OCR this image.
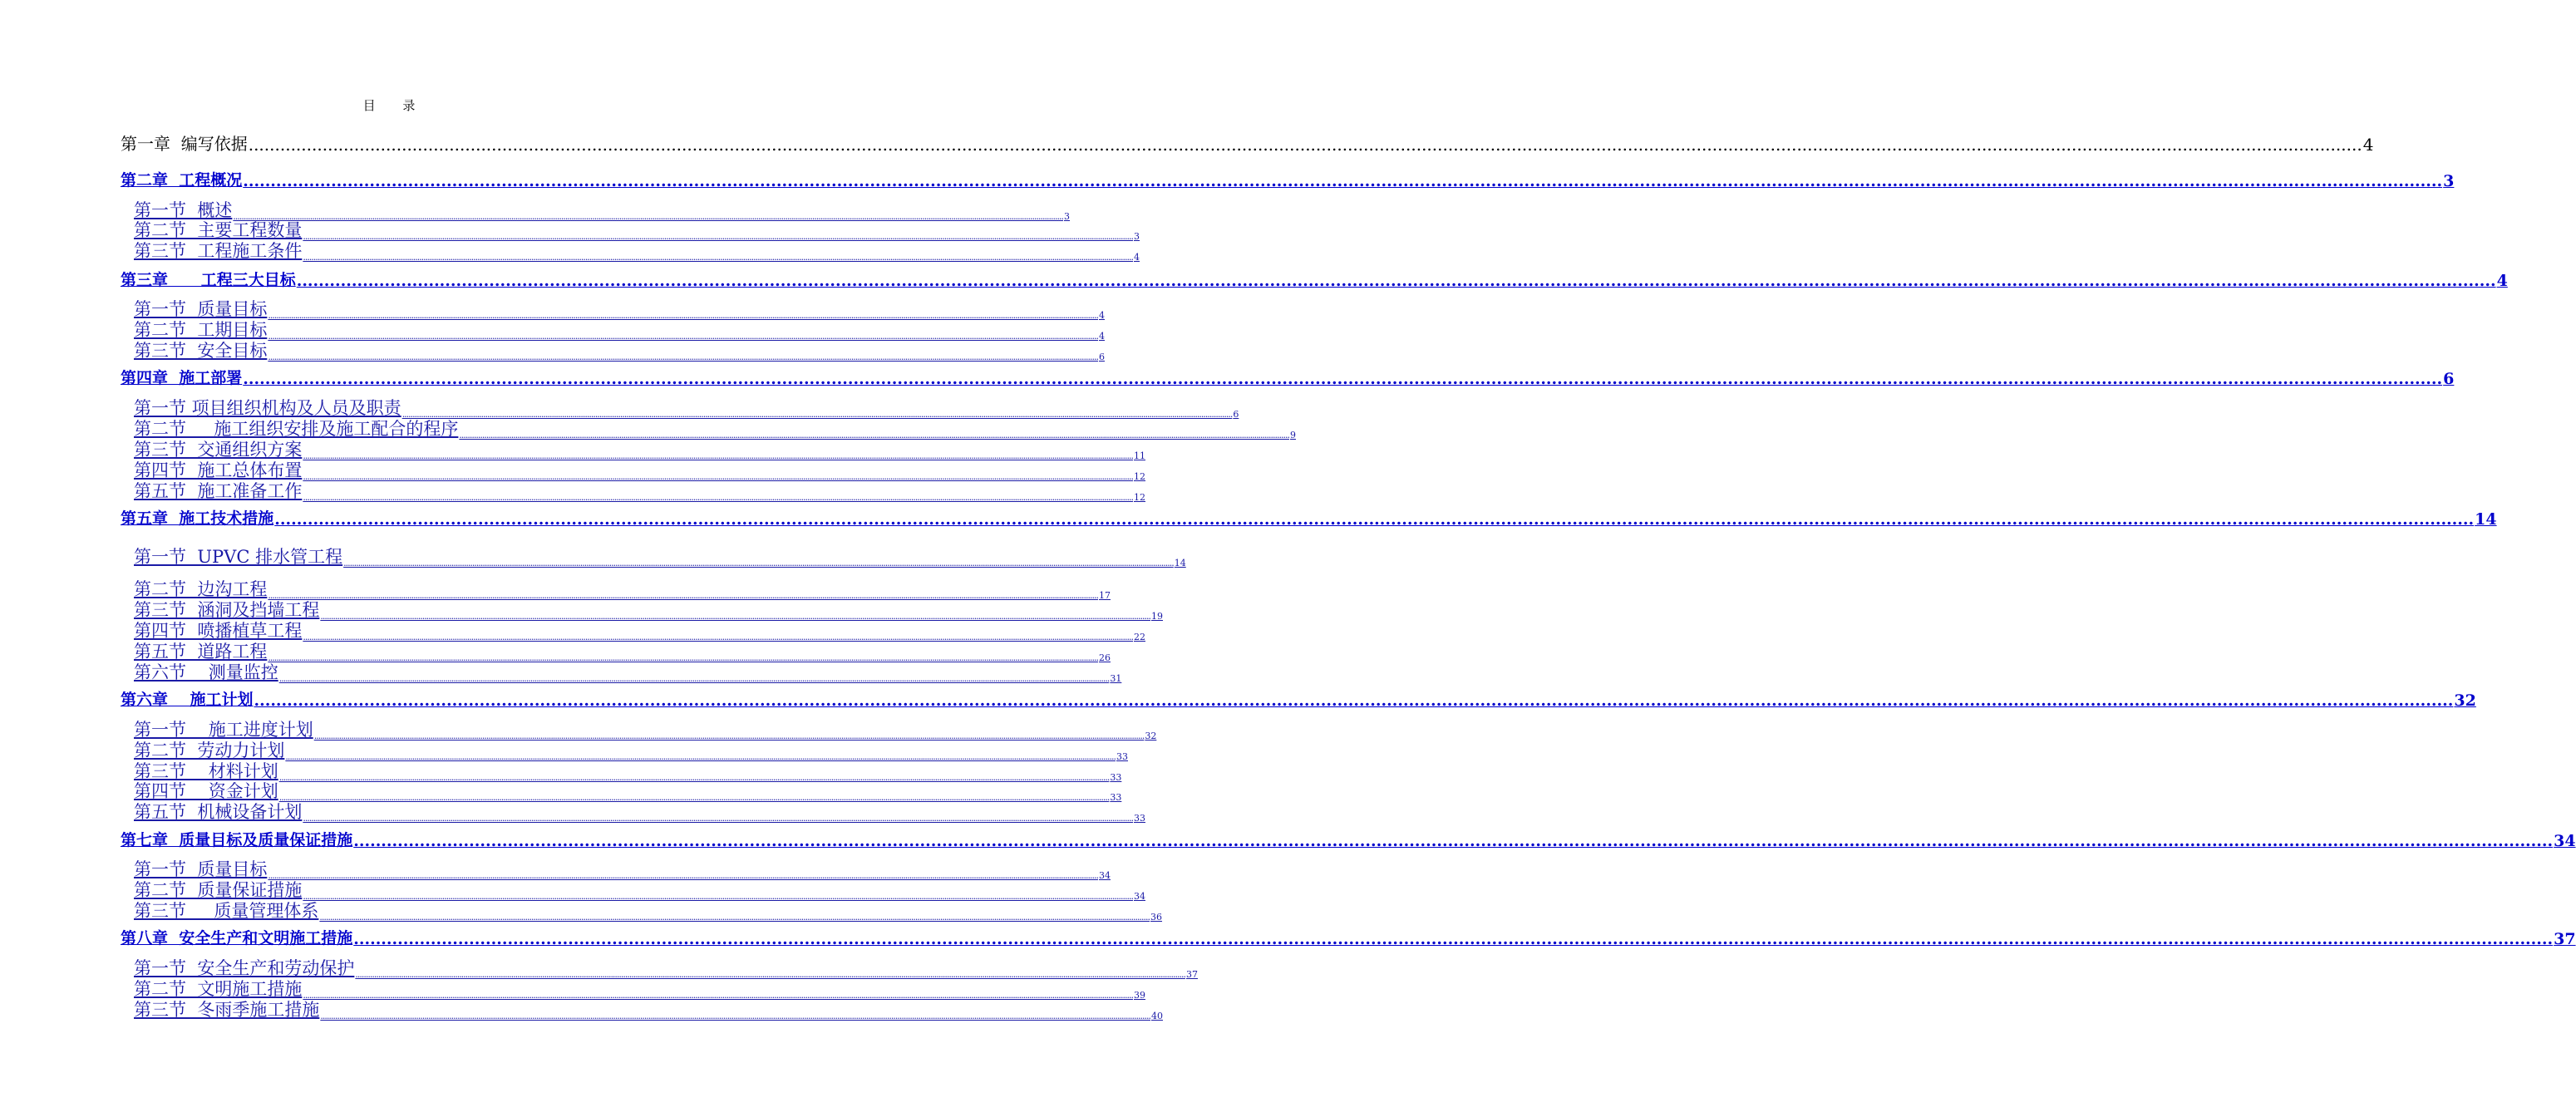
目 录
第一章  编写依据 ................................................................................................................................................................................................................................................................................................................................................................................................................ 4
第二章  工程概况 ................................................................................................................................................................................................................................................................................................................................................................................................................ 3
第一节  概述 ................................................................................................................................................................................................................................................................................................................................................................................................................ 3
第二节  主要工程数量 ................................................................................................................................................................................................................................................................................................................................................................................................................ 3
第三节  工程施工条件 ................................................................................................................................................................................................................................................................................................................................................................................................................ 4
第三章      工程三大目标 ................................................................................................................................................................................................................................................................................................................................................................................................................ 4
第一节  质量目标 ................................................................................................................................................................................................................................................................................................................................................................................................................ 4
第二节  工期目标 ................................................................................................................................................................................................................................................................................................................................................................................................................ 4
第三节  安全目标 ................................................................................................................................................................................................................................................................................................................................................................................................................ 6
第四章  施工部署 ................................................................................................................................................................................................................................................................................................................................................................................................................ 6
第一节 项目组织机构及人员及职责 ................................................................................................................................................................................................................................................................................................................................................................................................................ 6
第二节     施工组织安排及施工配合的程序 ................................................................................................................................................................................................................................................................................................................................................................................................................ 9
第三节  交通组织方案 ................................................................................................................................................................................................................................................................................................................................................................................................................ 11
第四节  施工总体布置 ................................................................................................................................................................................................................................................................................................................................................................................................................ 12
第五节  施工准备工作 ................................................................................................................................................................................................................................................................................................................................................................................................................ 12
第五章  施工技术措施 ................................................................................................................................................................................................................................................................................................................................................................................................................ 14
第一节  UPVC 排水管工程 ................................................................................................................................................................................................................................................................................................................................................................................................................ 14
第二节  边沟工程 ................................................................................................................................................................................................................................................................................................................................................................................................................ 17
第三节  涵洞及挡墙工程 ................................................................................................................................................................................................................................................................................................................................................................................................................ 19
第四节  喷播植草工程 ................................................................................................................................................................................................................................................................................................................................................................................................................ 22
第五节  道路工程 ................................................................................................................................................................................................................................................................................................................................................................................................................ 26
第六节    测量监控 ................................................................................................................................................................................................................................................................................................................................................................................................................ 31
第六章    施工计划 ................................................................................................................................................................................................................................................................................................................................................................................................................ 32
第一节    施工进度计划 ................................................................................................................................................................................................................................................................................................................................................................................................................ 32
第二节  劳动力计划 ................................................................................................................................................................................................................................................................................................................................................................................................................ 33
第三节    材料计划 ................................................................................................................................................................................................................................................................................................................................................................................................................ 33
第四节    资金计划 ................................................................................................................................................................................................................................................................................................................................................................................................................ 33
第五节  机械设备计划 ................................................................................................................................................................................................................................................................................................................................................................................................................ 33
第七章  质量目标及质量保证措施 ................................................................................................................................................................................................................................................................................................................................................................................................................ 34
第一节  质量目标 ................................................................................................................................................................................................................................................................................................................................................................................................................ 34
第二节  质量保证措施 ................................................................................................................................................................................................................................................................................................................................................................................................................ 34
第三节     质量管理体系 ................................................................................................................................................................................................................................................................................................................................................................................................................ 36
第八章  安全生产和文明施工措施 ................................................................................................................................................................................................................................................................................................................................................................................................................ 37
第一节  安全生产和劳动保护 ................................................................................................................................................................................................................................................................................................................................................................................................................ 37
第二节  文明施工措施 ................................................................................................................................................................................................................................................................................................................................................................................................................ 39
第三节  冬雨季施工措施 ................................................................................................................................................................................................................................................................................................................................................................................................................ 40
